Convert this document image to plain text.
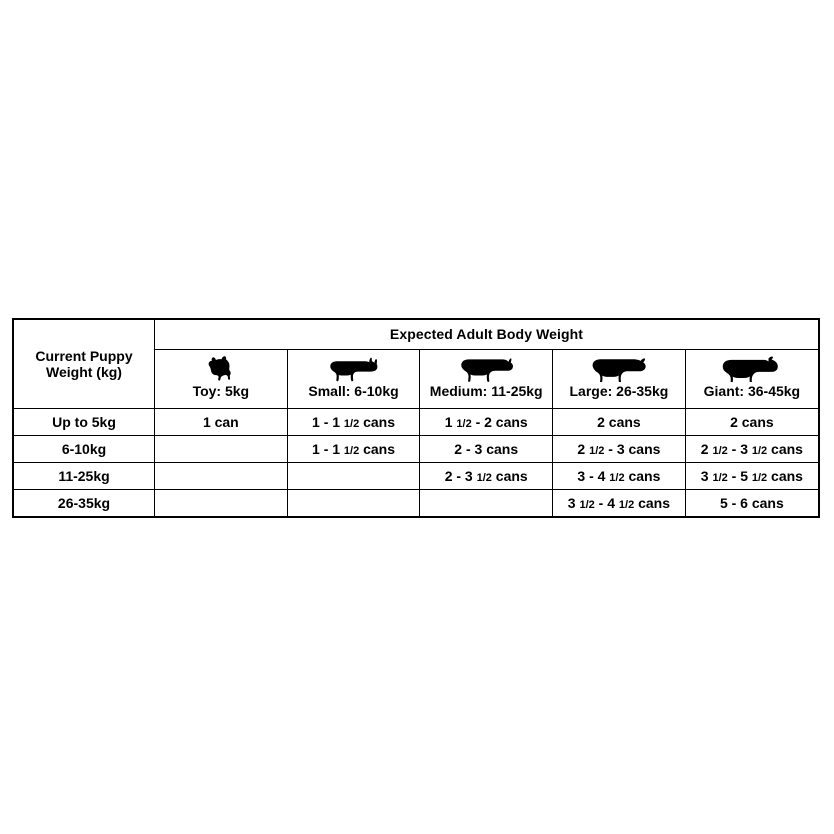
Current Puppy Weight (kg)	Expected Adult Body Weight				

	Toy: 5kg	Small: 6-10kg	Medium: 11-25kg	Large: 26-35kg	Giant: 36-45kg

Up to 5kg	1 can	1 - 1 1/2 cans	1 1/2 - 2 cans	2 cans	2 cans
6-10kg		1 - 1 1/2 cans	2 - 3 cans	2 1/2 - 3 cans	2 1/2 - 3 1/2 cans
11-25kg			2 - 3 1/2 cans	3 - 4 1/2 cans	3 1/2 - 5 1/2 cans
26-35kg				3 1/2 - 4 1/2 cans	5 - 6 cans
